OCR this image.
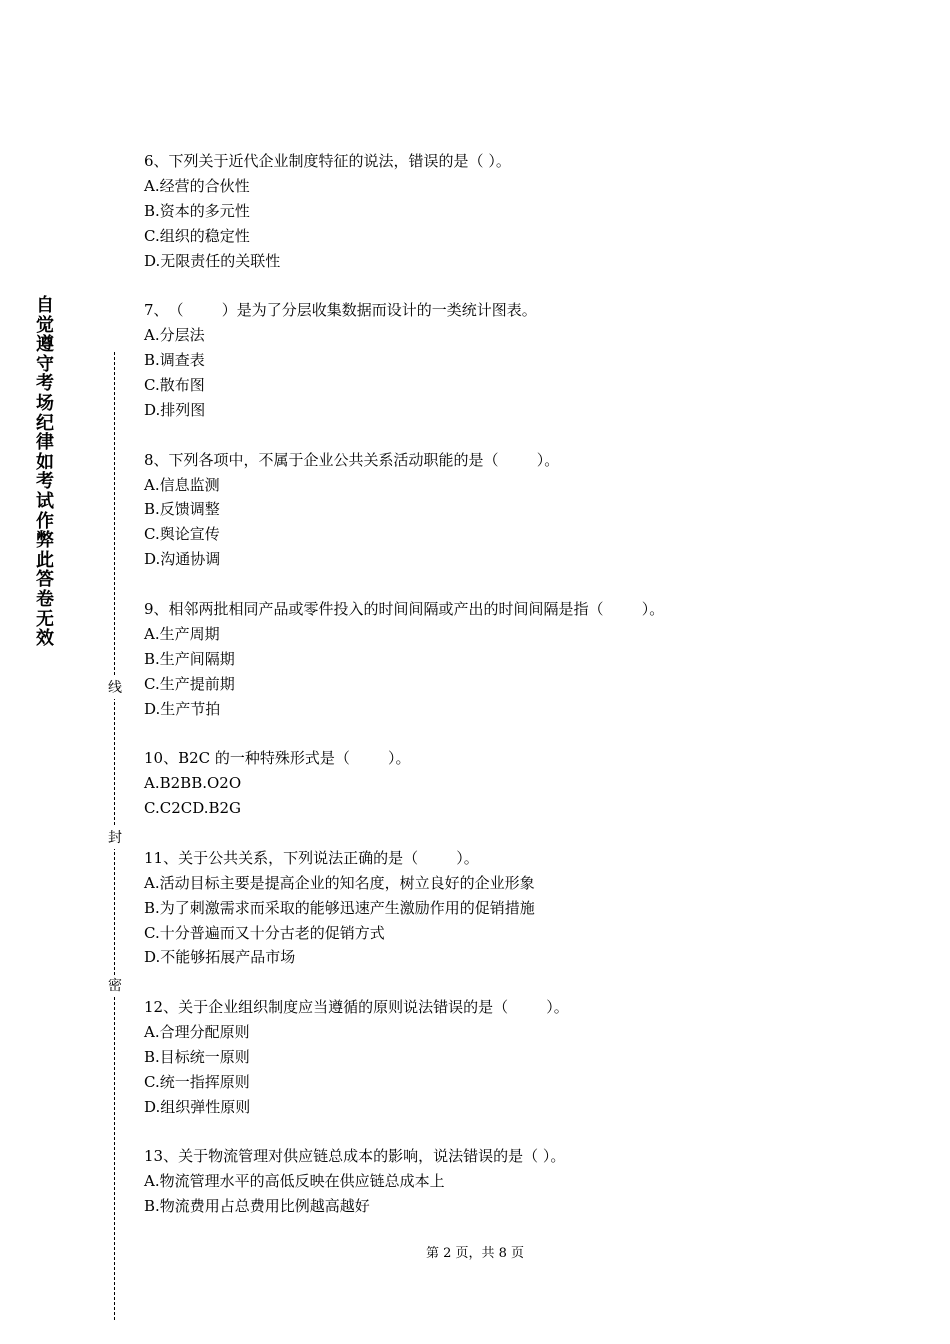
自觉遵守考场纪律如考试作弊此答卷无效
线
封
密
6、 下列关于近代企业制度特征的说法，错误的是（ ）。
A.经营的合伙性
B.资本的多元性
C.组织的稳定性
D.无限责任的关联性
7、 （        ）是为了分层收集数据而设计的一类统计图表。
A.分层法
B.调查表
C.散布图
D.排列图
8、 下列各项中，不属于企业公共关系活动职能的是（        ）。
A.信息监测
B.反馈调整
C.舆论宣传
D.沟通协调
9、 相邻两批相同产品或零件投入的时间间隔或产出的时间间隔是指（        ）。
A.生产周期
B.生产间隔期
C.生产提前期
D.生产节拍
10、 B2C 的一种特殊形式是（        ）。
A.B2BB.O2O
C.C2CD.B2G
11、 关于公共关系，下列说法正确的是（        ）。
A.活动目标主要是提高企业的知名度，树立良好的企业形象
B.为了刺激需求而采取的能够迅速产生激励作用的促销措施
C.十分普遍而又十分古老的促销方式
D.不能够拓展产品市场
12、 关于企业组织制度应当遵循的原则说法错误的是（        ）。
A.合理分配原则
B.目标统一原则
C.统一指挥原则
D.组织弹性原则
13、 关于物流管理对供应链总成本的影响，说法错误的是（ ）。
A.物流管理水平的高低反映在供应链总成本上
B.物流费用占总费用比例越高越好
第 2 页，共 8 页
